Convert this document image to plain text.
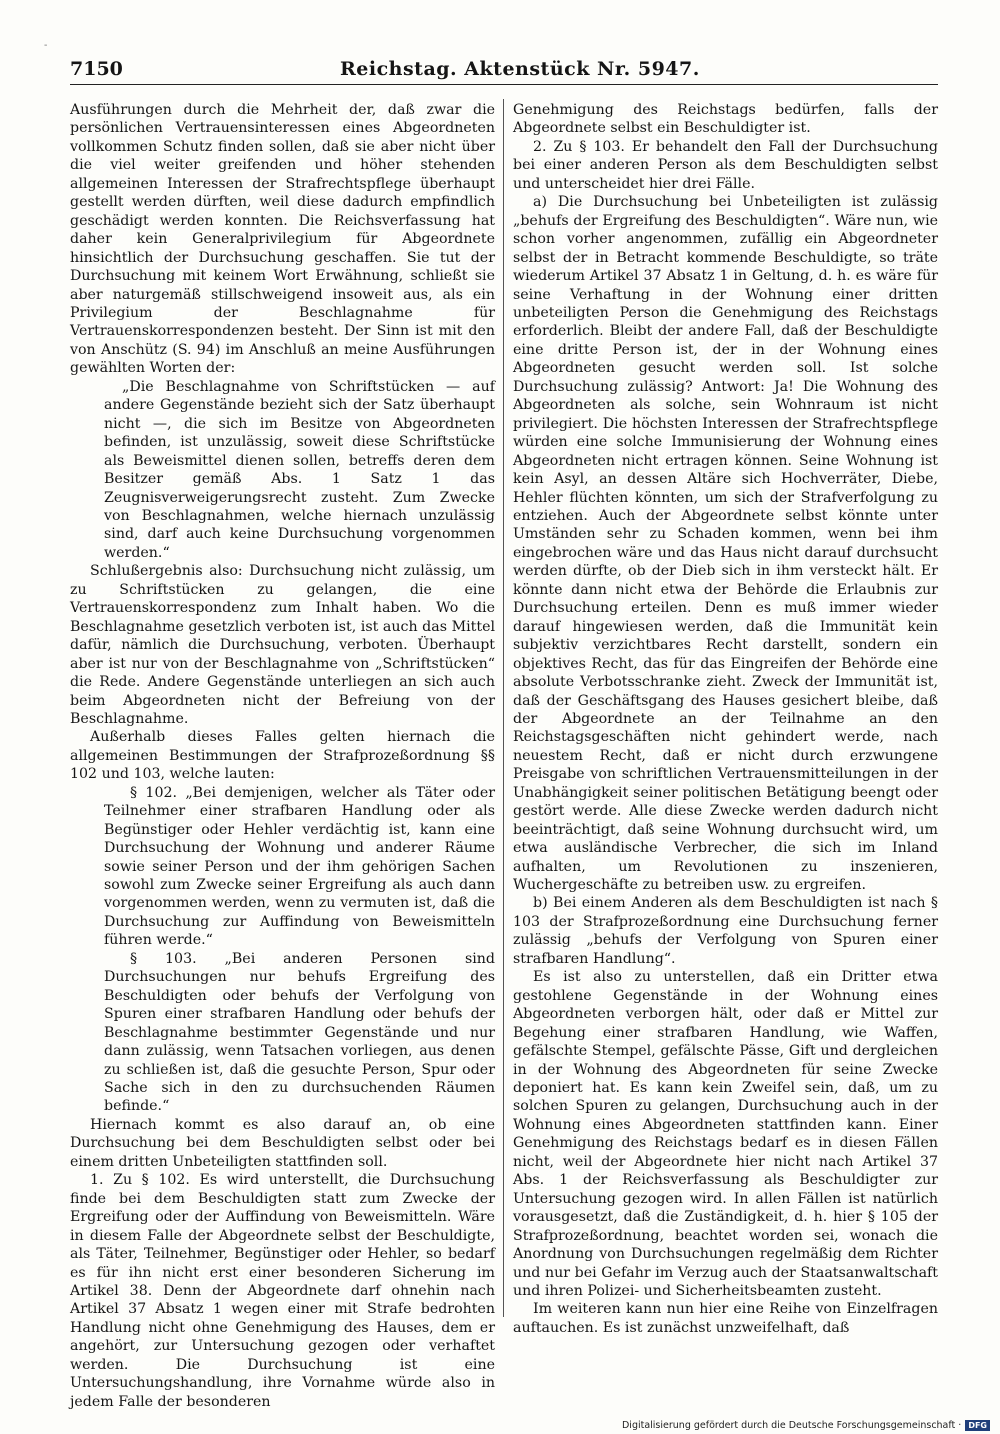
-
7150	Reichstag. Aktenstück Nr. 5947.

Ausführungen durch die Mehrheit der, daß zwar die persönlichen Vertrauensinteressen eines Abgeordneten vollkommen Schutz finden sollen, daß sie aber nicht über die viel weiter greifenden und höher stehenden allgemeinen Interessen der Strafrechtspflege überhaupt gestellt werden dürften, weil diese dadurch empfindlich geschädigt werden konnten. Die Reichsverfassung hat daher kein Generalprivilegium für Abgeordnete hinsichtlich der Durchsuchung geschaffen. Sie tut der Durchsuchung mit keinem Wort Erwähnung, schließt sie aber naturgemäß stillschweigend insoweit aus, als ein Privilegium der Beschlagnahme für Vertrauenskorrespondenzen besteht. Der Sinn ist mit den von Anschütz (S. 94) im Anschluß an meine Ausführungen gewählten Worten der:

„Die Beschlagnahme von Schriftstücken — auf andere Gegenstände bezieht sich der Satz überhaupt nicht —, die sich im Besitze von Abgeordneten befinden, ist unzulässig, soweit diese Schriftstücke als Beweismittel dienen sollen, betreffs deren dem Besitzer gemäß Abs. 1 Satz 1 das Zeugnisverweigerungsrecht zusteht. Zum Zwecke von Beschlagnahmen, welche hiernach unzulässig sind, darf auch keine Durchsuchung vorgenommen werden.“

Schlußergebnis also: Durchsuchung nicht zulässig, um zu Schriftstücken zu gelangen, die eine Vertrauenskorrespondenz zum Inhalt haben. Wo die Beschlagnahme gesetzlich verboten ist, ist auch das Mittel dafür, nämlich die Durchsuchung, verboten. Überhaupt aber ist nur von der Beschlagnahme von „Schriftstücken“ die Rede. Andere Gegenstände unterliegen an sich auch beim Abgeordneten nicht der Befreiung von der Beschlagnahme.

Außerhalb dieses Falles gelten hiernach die allgemeinen Bestimmungen der Strafprozeßordnung §§ 102 und 103, welche lauten:

§ 102. „Bei demjenigen, welcher als Täter oder Teilnehmer einer strafbaren Handlung oder als Begünstiger oder Hehler verdächtig ist, kann eine Durchsuchung der Wohnung und anderer Räume sowie seiner Person und der ihm gehörigen Sachen sowohl zum Zwecke seiner Ergreifung als auch dann vorgenommen werden, wenn zu vermuten ist, daß die Durchsuchung zur Auffindung von Beweismitteln führen werde.“

§ 103. „Bei anderen Personen sind Durchsuchungen nur behufs Ergreifung des Beschuldigten oder behufs der Verfolgung von Spuren einer strafbaren Handlung oder behufs der Beschlagnahme bestimmter Gegenstände und nur dann zulässig, wenn Tatsachen vorliegen, aus denen zu schließen ist, daß die gesuchte Person, Spur oder Sache sich in den zu durchsuchenden Räumen befinde.“

Hiernach kommt es also darauf an, ob eine Durchsuchung bei dem Beschuldigten selbst oder bei einem dritten Unbeteiligten stattfinden soll.

1. Zu § 102. Es wird unterstellt, die Durchsuchung finde bei dem Beschuldigten statt zum Zwecke der Ergreifung oder der Auffindung von Beweismitteln. Wäre in diesem Falle der Abgeordnete selbst der Beschuldigte, als Täter, Teilnehmer, Begünstiger oder Hehler, so bedarf es für ihn nicht erst einer besonderen Sicherung im Artikel 38. Denn der Abgeordnete darf ohnehin nach Artikel 37 Absatz 1 wegen einer mit Strafe bedrohten Handlung nicht ohne Genehmigung des Hauses, dem er angehört, zur Untersuchung gezogen oder verhaftet werden. Die Durchsuchung ist eine Untersuchungshandlung, ihre Vornahme würde also in jedem Falle der besonderen

Genehmigung des Reichstags bedürfen, falls der Abgeordnete selbst ein Beschuldigter ist.

2. Zu § 103. Er behandelt den Fall der Durchsuchung bei einer anderen Person als dem Beschuldigten selbst und unterscheidet hier drei Fälle.

a) Die Durchsuchung bei Unbeteiligten ist zulässig „behufs der Ergreifung des Beschuldigten“. Wäre nun, wie schon vorher angenommen, zufällig ein Abgeordneter selbst der in Betracht kommende Beschuldigte, so träte wiederum Artikel 37 Absatz 1 in Geltung, d. h. es wäre für seine Verhaftung in der Wohnung einer dritten unbeteiligten Person die Genehmigung des Reichstags erforderlich. Bleibt der andere Fall, daß der Beschuldigte eine dritte Person ist, der in der Wohnung eines Abgeordneten gesucht werden soll. Ist solche Durchsuchung zulässig? Antwort: Ja! Die Wohnung des Abgeordneten als solche, sein Wohnraum ist nicht privilegiert. Die höchsten Interessen der Strafrechtspflege würden eine solche Immunisierung der Wohnung eines Abgeordneten nicht ertragen können. Seine Wohnung ist kein Asyl, an dessen Altäre sich Hochverräter, Diebe, Hehler flüchten könnten, um sich der Strafverfolgung zu entziehen. Auch der Abgeordnete selbst könnte unter Umständen sehr zu Schaden kommen, wenn bei ihm eingebrochen wäre und das Haus nicht darauf durchsucht werden dürfte, ob der Dieb sich in ihm versteckt hält. Er könnte dann nicht etwa der Behörde die Erlaubnis zur Durchsuchung erteilen. Denn es muß immer wieder darauf hingewiesen werden, daß die Immunität kein subjektiv verzichtbares Recht darstellt, sondern ein objektives Recht, das für das Eingreifen der Behörde eine absolute Verbotsschranke zieht. Zweck der Immunität ist, daß der Geschäftsgang des Hauses gesichert bleibe, daß der Abgeordnete an der Teilnahme an den Reichstagsgeschäften nicht gehindert werde, nach neuestem Recht, daß er nicht durch erzwungene Preisgabe von schriftlichen Vertrauensmitteilungen in der Unabhängigkeit seiner politischen Betätigung beengt oder gestört werde. Alle diese Zwecke werden dadurch nicht beeinträchtigt, daß seine Wohnung durchsucht wird, um etwa ausländische Verbrecher, die sich im Inland aufhalten, um Revolutionen zu inszenieren, Wuchergeschäfte zu betreiben usw. zu ergreifen.

b) Bei einem Anderen als dem Beschuldigten ist nach § 103 der Strafprozeßordnung eine Durchsuchung ferner zulässig „behufs der Verfolgung von Spuren einer strafbaren Handlung“.

Es ist also zu unterstellen, daß ein Dritter etwa gestohlene Gegenstände in der Wohnung eines Abgeordneten verborgen hält, oder daß er Mittel zur Begehung einer strafbaren Handlung, wie Waffen, gefälschte Stempel, gefälschte Pässe, Gift und dergleichen in der Wohnung des Abgeordneten für seine Zwecke deponiert hat. Es kann kein Zweifel sein, daß, um zu solchen Spuren zu gelangen, Durchsuchung auch in der Wohnung eines Abgeordneten stattfinden kann. Einer Genehmigung des Reichstags bedarf es in diesen Fällen nicht, weil der Abgeordnete hier nicht nach Artikel 37 Abs. 1 der Reichsverfassung als Beschuldigter zur Untersuchung gezogen wird. In allen Fällen ist natürlich vorausgesetzt, daß die Zuständigkeit, d. h. hier § 105 der Strafprozeßordnung, beachtet worden sei, wonach die Anordnung von Durchsuchungen regelmäßig dem Richter und nur bei Gefahr im Verzug auch der Staatsanwaltschaft und ihren Polizei- und Sicherheitsbeamten zusteht.

Im weiteren kann nun hier eine Reihe von Einzelfragen auftauchen. Es ist zunächst unzweifelhaft, daß

Digitalisierung gefördert durch die Deutsche Forschungsgemeinschaft · DFG
